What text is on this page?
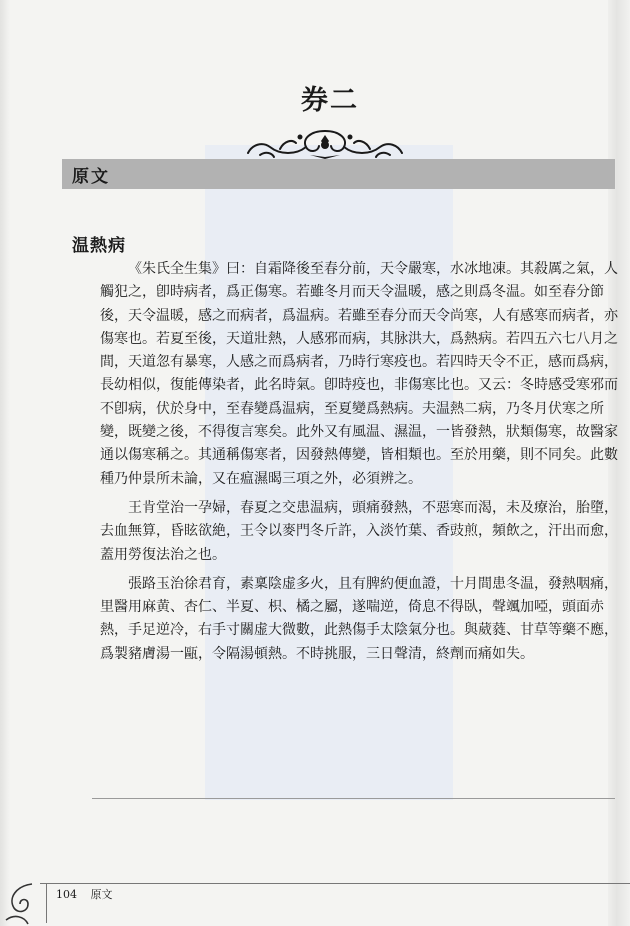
券二
原文
温熱病

《朱氏全生集》曰：自霜降後至春分前，天令嚴寒，水冰地凍。其殺厲之氣，人觸犯之，卽時病者，爲正傷寒。若雖冬月而天令温暖，感之則爲冬温。如至春分節後，天令温暖，感之而病者，爲温病。若雖至春分而天令尚寒，人有感寒而病者，亦傷寒也。若夏至後，天道壯熱，人感邪而病，其脉洪大，爲熱病。若四五六七八月之間，天道忽有暴寒，人感之而爲病者，乃時行寒疫也。若四時天令不正，感而爲病，長幼相似，復能傳染者，此名時氣。卽時疫也，非傷寒比也。又云：冬時感受寒邪而不卽病，伏於身中，至春變爲温病，至夏變爲熱病。夫温熱二病，乃冬月伏寒之所變，既變之後，不得復言寒矣。此外又有風温、濕温，一皆發熱，狀類傷寒，故醫家通以傷寒稱之。其通稱傷寒者，因發熱傳變，皆相類也。至於用藥，則不同矣。此數種乃仲景所未論，又在瘟濕暍三項之外，必須辨之。

王肯堂治一孕婦，春夏之交患温病，頭痛發熱，不惡寒而渴，未及療治，胎墮，去血無算，昏眩欲絶，王令以麥門冬斤許，入淡竹葉、香豉煎，頻飲之，汗出而愈，蓋用勞復法治之也。

張路玉治徐君育，素稟陰虚多火，且有脾約便血證，十月間患冬温，發熱咽痛，里醫用麻黄、杏仁、半夏、枳、橘之屬，遂喘逆，倚息不得臥，聲颯加啞，頭面赤熱，手足逆冷，右手寸關虚大微數，此熱傷手太陰氣分也。與葳蕤、甘草等藥不應，爲製豬膚湯一甌，令隔湯頓熱。不時挑服，三日聲清，終劑而痛如失。

104 原文
